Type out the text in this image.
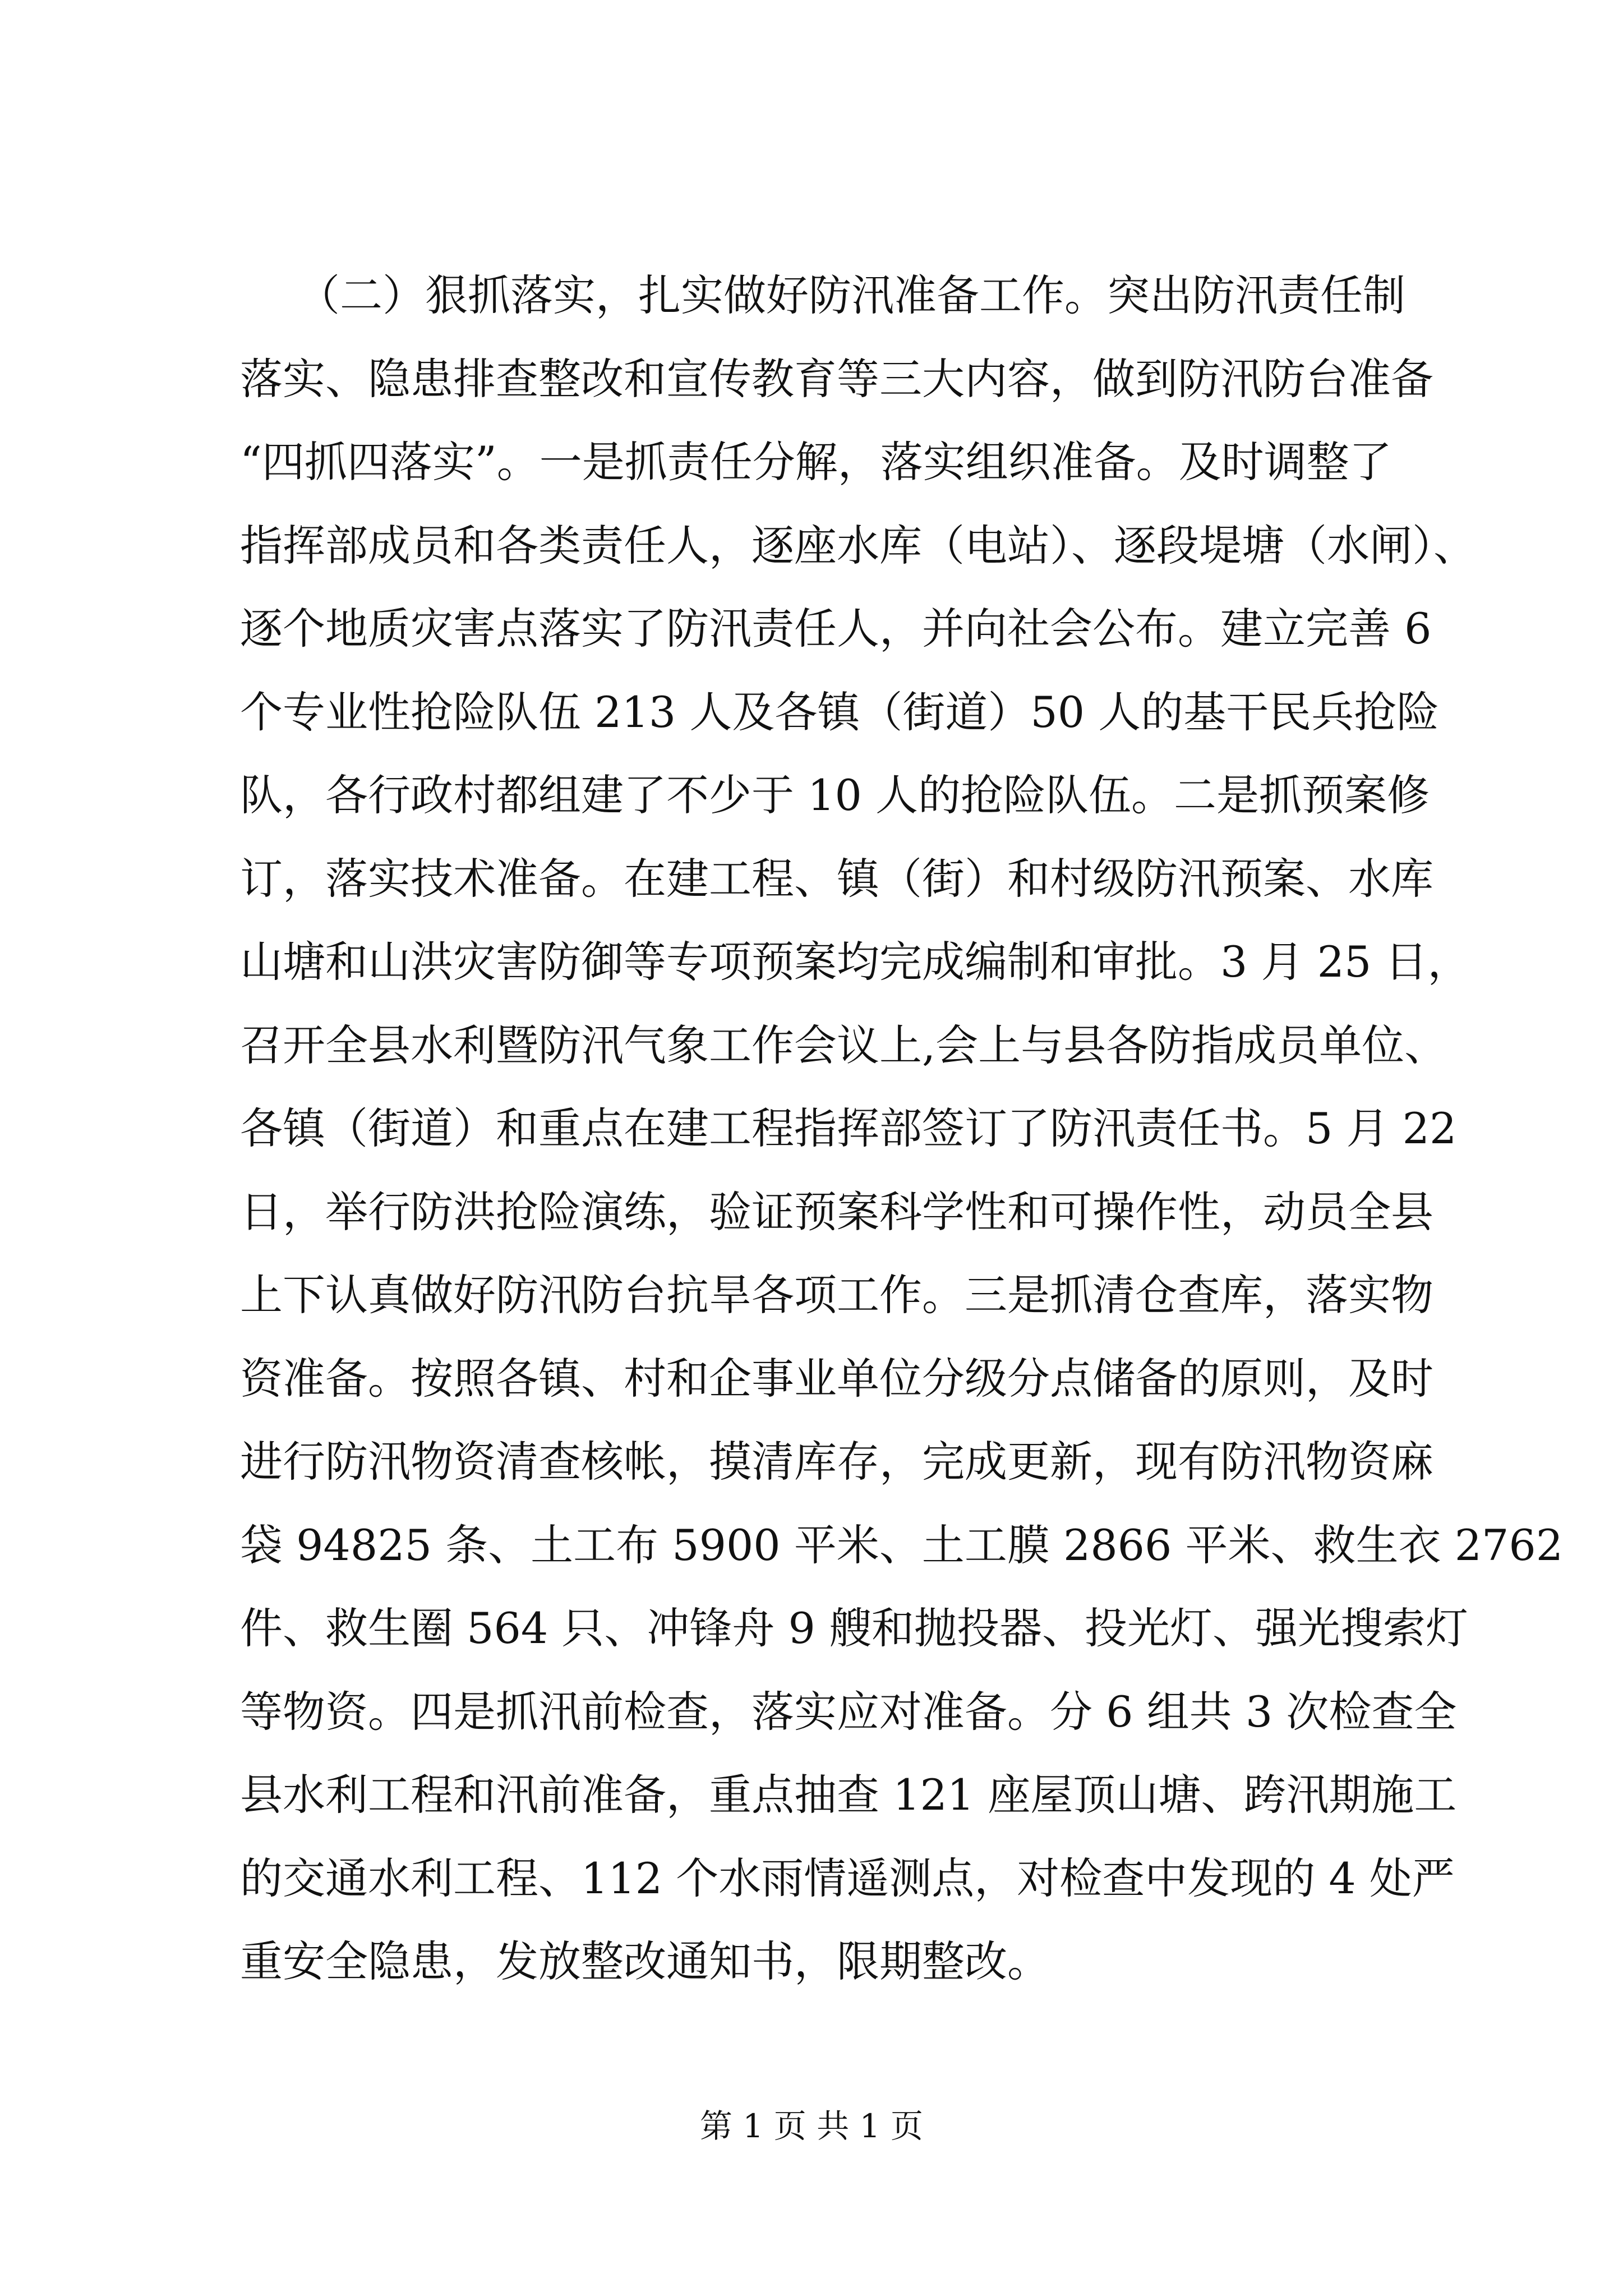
（二）狠抓落实，扎实做好防汛准备工作。突出防汛责任制
落实、隐患排查整改和宣传教育等三大内容，做到防汛防台准备
“四抓四落实”。一是抓责任分解，落实组织准备。及时调整了
指挥部成员和各类责任人，逐座水库（电站）、逐段堤塘（水闸）、
逐个地质灾害点落实了防汛责任人，并向社会公布。建立完善 6
个专业性抢险队伍 213 人及各镇（街道）50 人的基干民兵抢险
队，各行政村都组建了不少于 10 人的抢险队伍。二是抓预案修
订，落实技术准备。在建工程、镇（街）和村级防汛预案、水库
山塘和山洪灾害防御等专项预案均完成编制和审批。3 月 25 日，
召开全县水利暨防汛气象工作会议上,会上与县各防指成员单位、
各镇（街道）和重点在建工程指挥部签订了防汛责任书。5 月 22
日，举行防洪抢险演练，验证预案科学性和可操作性，动员全县
上下认真做好防汛防台抗旱各项工作。三是抓清仓查库，落实物
资准备。按照各镇、村和企事业单位分级分点储备的原则，及时
进行防汛物资清查核帐，摸清库存，完成更新，现有防汛物资麻
袋 94825 条、土工布 5900 平米、土工膜 2866 平米、救生衣 2762
件、救生圈 564 只、冲锋舟 9 艘和抛投器、投光灯、强光搜索灯
等物资。四是抓汛前检查，落实应对准备。分 6 组共 3 次检查全
县水利工程和汛前准备，重点抽查 121 座屋顶山塘、跨汛期施工
的交通水利工程、112 个水雨情遥测点，对检查中发现的 4 处严
重安全隐患，发放整改通知书，限期整改。
第 1 页 共 1 页
